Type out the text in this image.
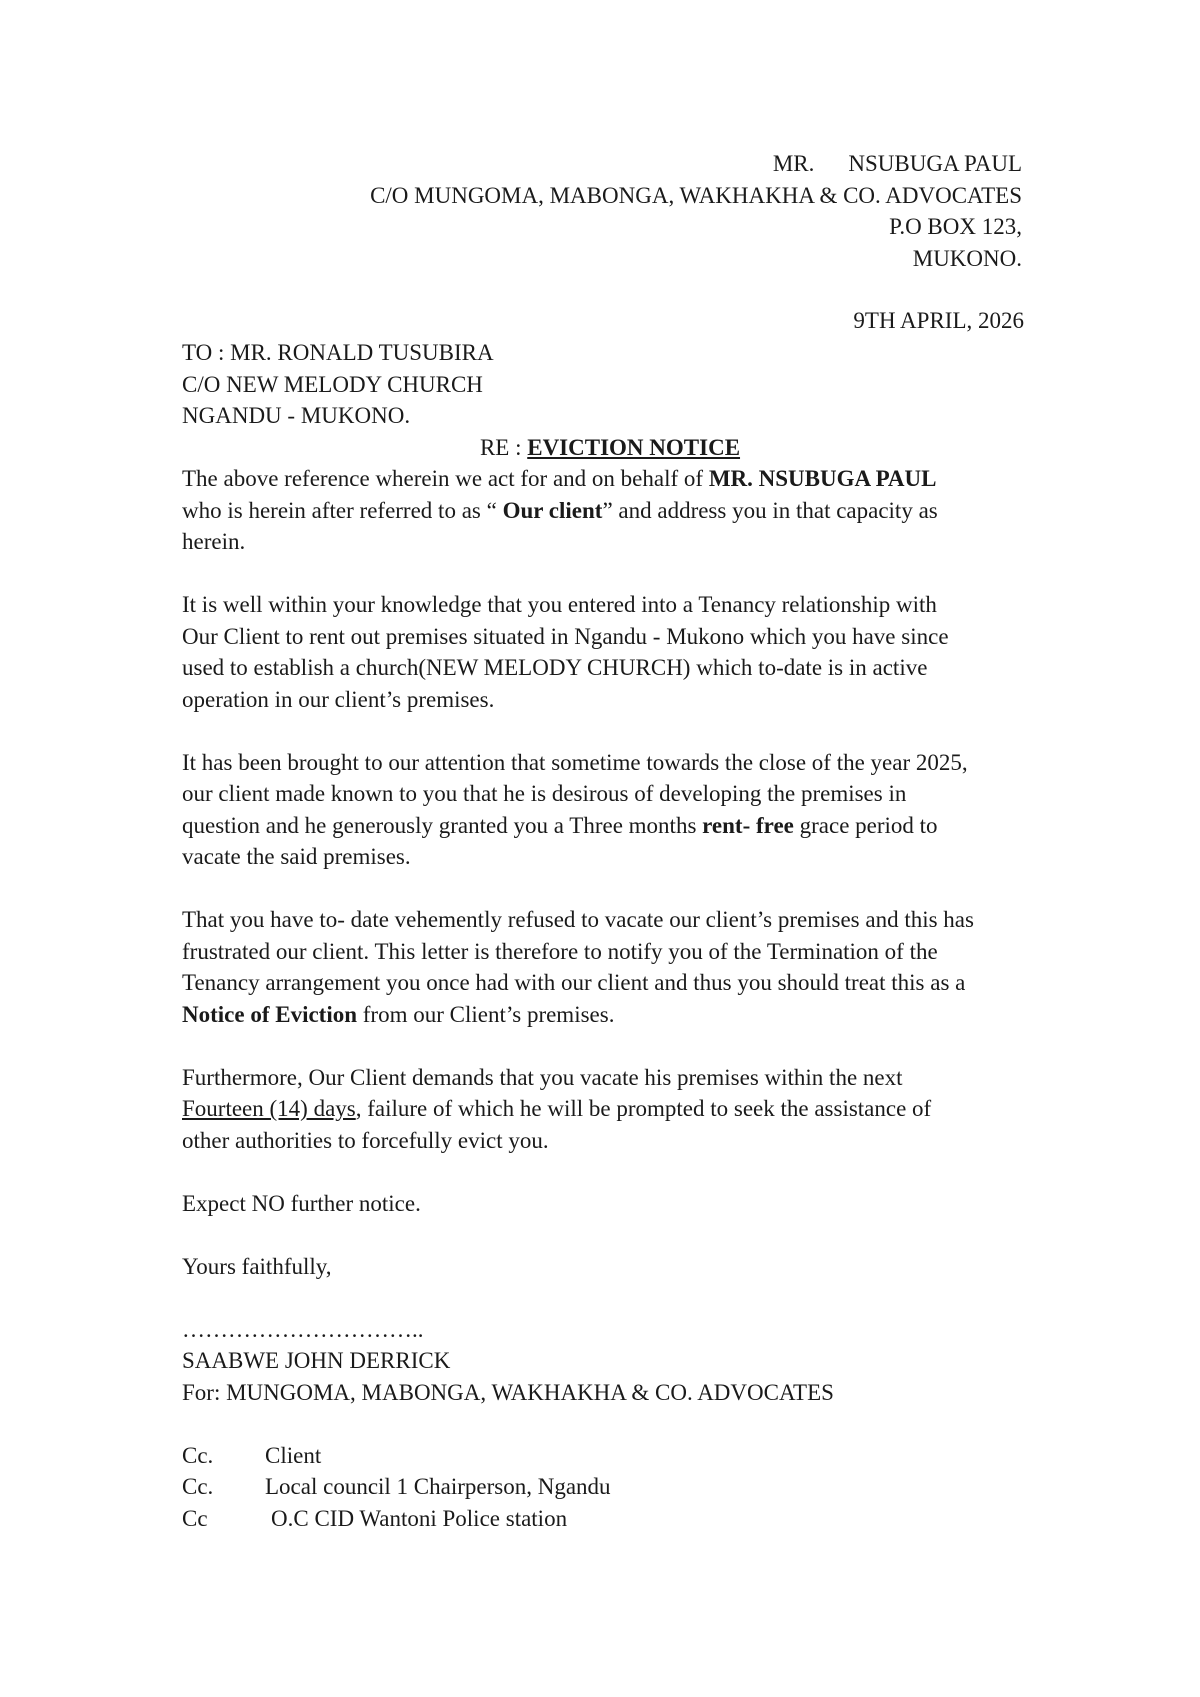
MR. NSUBUGA PAUL
C/O MUNGOMA, MABONGA, WAKHAKHA & CO. ADVOCATES
P.O BOX 123,
MUKONO.
9TH APRIL, 2026
TO : MR. RONALD TUSUBIRA
C/O NEW MELODY CHURCH
NGANDU - MUKONO.
RE : EVICTION NOTICE

The above reference wherein we act for and on behalf of MR. NSUBUGA PAUL
who is herein after referred to as “ Our client” and address you in that capacity as
herein.

It is well within your knowledge that you entered into a Tenancy relationship with
Our Client to rent out premises situated in Ngandu - Mukono which you have since
used to establish a church(NEW MELODY CHURCH) which to-date is in active
operation in our client’s premises.

It has been brought to our attention that sometime towards the close of the year 2025,
our client made known to you that he is desirous of developing the premises in
question and he generously granted you a Three months rent- free grace period to
vacate the said premises.

That you have to- date vehemently refused to vacate our client’s premises and this has
frustrated our client. This letter is therefore to notify you of the Termination of the
Tenancy arrangement you once had with our client and thus you should treat this as a
Notice of Eviction from our Client’s premises.

Furthermore, Our Client demands that you vacate his premises within the next
Fourteen (14) days, failure of which he will be prompted to seek the assistance of
other authorities to forcefully evict you.

Expect NO further notice.
Yours faithfully,
…………………………..
SAABWE JOHN DERRICK
For: MUNGOMA, MABONGA, WAKHAKHA & CO. ADVOCATES
Cc.	Client
Cc.	Local council 1 Chairperson, Ngandu
Cc	O.C CID Wantoni Police station
